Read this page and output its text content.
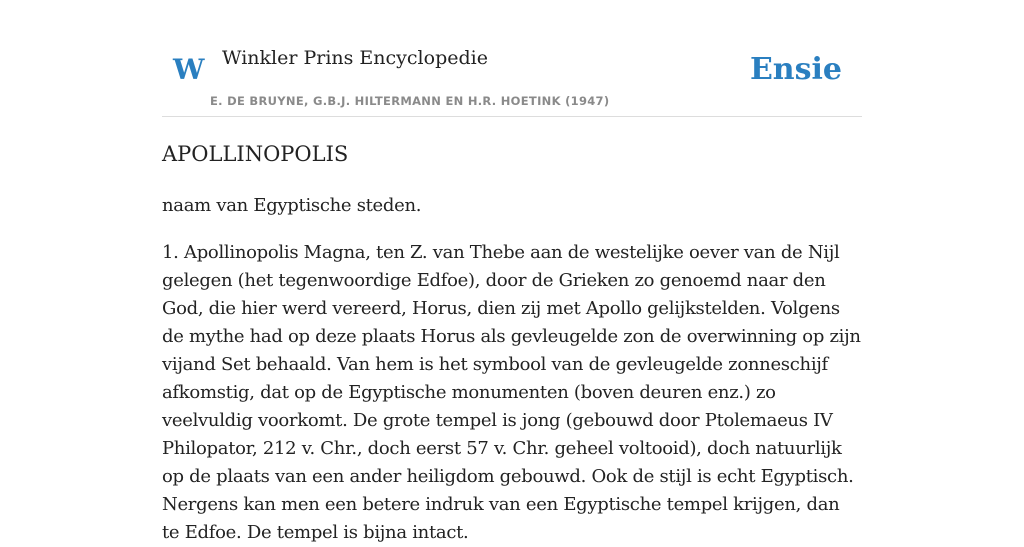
W Winkler Prins Encyclopedie
E. DE BRUYNE, G.B.J. HILTERMANN EN H.R. HOETINK (1947)
Ensie
APOLLINOPOLIS

naam van Egyptische steden.

1. Apollinopolis Magna, ten Z. van Thebe aan de westelijke oever van de Nijl gelegen (het tegenwoordige Edfoe), door de Grieken zo genoemd naar den God, die hier werd vereerd, Horus, dien zij met Apollo gelijkstelden. Volgens de mythe had op deze plaats Horus als gevleugelde zon de overwinning op zijn vijand Set behaald. Van hem is het symbool van de gevleugelde zonneschijf afkomstig, dat op de Egyptische monumenten (boven deuren enz.) zo veelvuldig voorkomt. De grote tempel is jong (gebouwd door Ptolemaeus IV Philopator, 212 v. Chr., doch eerst 57 v. Chr. geheel voltooid), doch natuurlijk op de plaats van een ander heiligdom gebouwd. Ook de stijl is echt Egyptisch. Nergens kan men een betere indruk van een Egyptische tempel krijgen, dan te Edfoe. De tempel is bijna intact.
